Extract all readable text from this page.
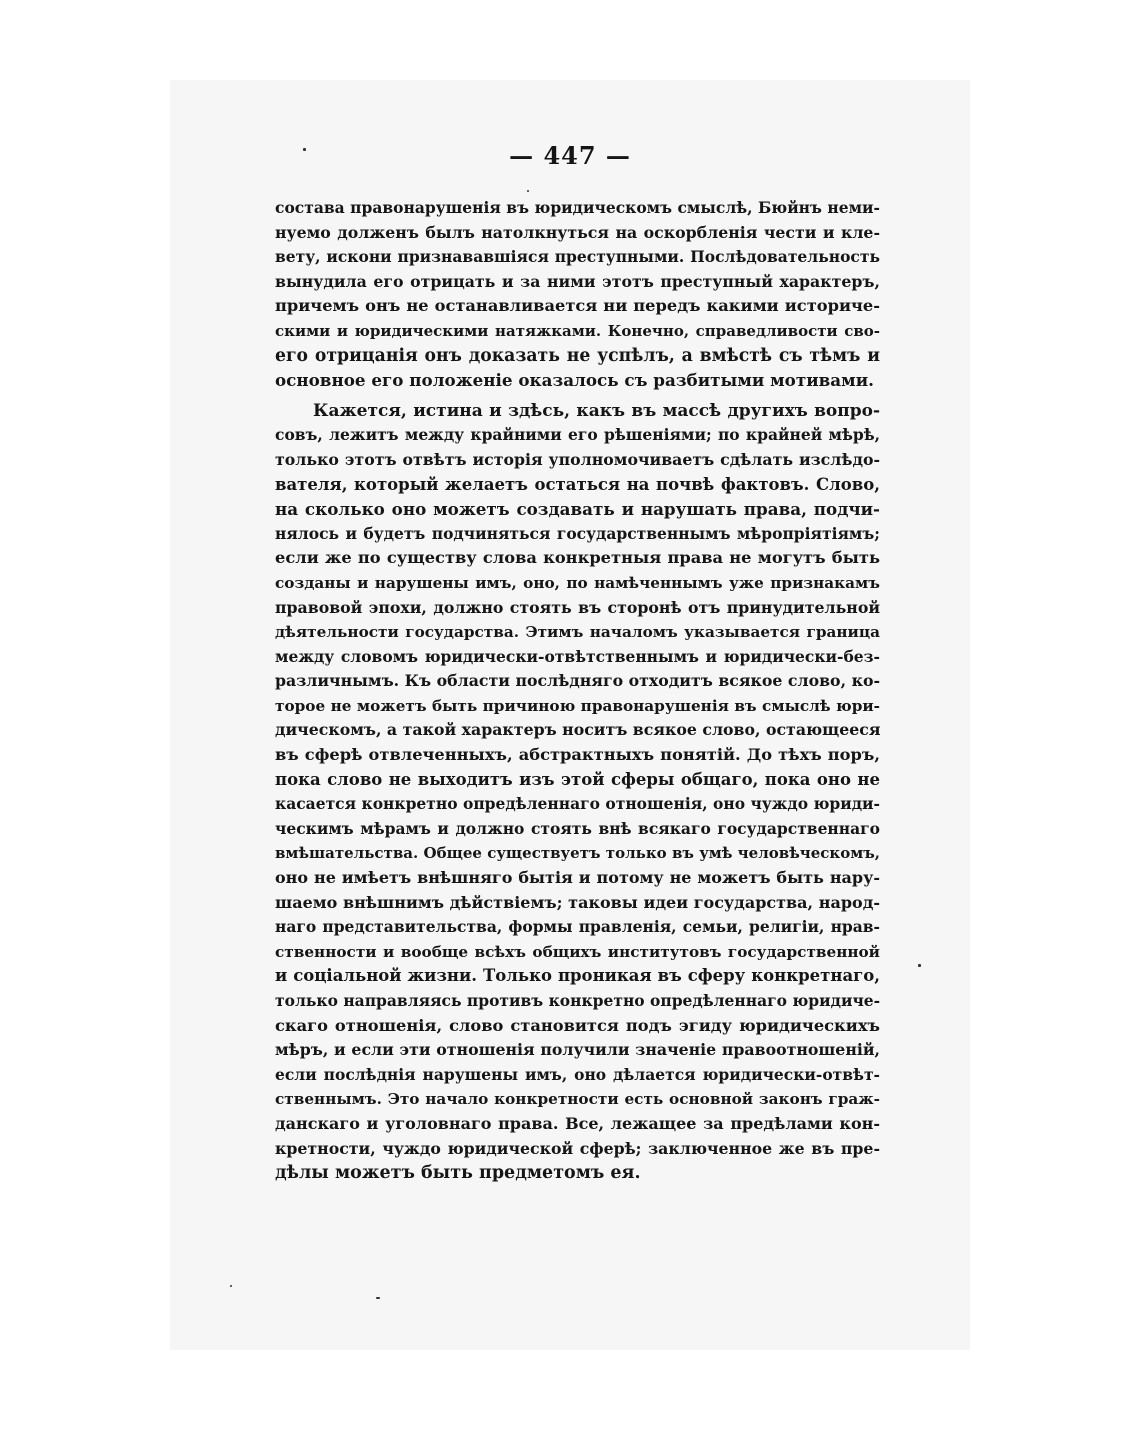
— 447 —

состава правонарушенія въ юридическомъ смыслѣ, Бюйнъ неми-
нуемо долженъ былъ натолкнуться на оскорбленія чести и кле-
вету, искони признававшіяся преступными. Послѣдовательность
вынудила его отрицать и за ними этотъ преступный характеръ,
причемъ онъ не останавливается ни передъ какими историче-
скими и юридическими натяжками. Конечно, справедливости сво-
его отрицанія онъ доказать не успѣлъ, а вмѣстѣ съ тѣмъ и
основное его положеніе оказалось съ разбитыми мотивами.
Кажется, истина и здѣсь, какъ въ массѣ другихъ вопро-
совъ, лежитъ между крайними его рѣшеніями; по крайней мѣрѣ,
только этотъ отвѣтъ исторія уполномочиваетъ сдѣлать изслѣдо-
вателя, который желаетъ остаться на почвѣ фактовъ. Слово,
на сколько оно можетъ создавать и нарушать права, подчи-
нялось и будетъ подчиняться государственнымъ мѣропріятіямъ;
если же по существу слова конкретныя права не могутъ быть
созданы и нарушены имъ, оно, по намѣченнымъ уже признакамъ
правовой эпохи, должно стоять въ сторонѣ отъ принудительной
дѣятельности государства. Этимъ началомъ указывается граница
между словомъ юридически-отвѣтственнымъ и юридически-без-
различнымъ. Къ области послѣдняго отходитъ всякое слово, ко-
торое не можетъ быть причиною правонарушенія въ смыслѣ юри-
дическомъ, а такой характеръ носитъ всякое слово, остающееся
въ сферѣ отвлеченныхъ, абстрактныхъ понятій. До тѣхъ поръ,
пока слово не выходитъ изъ этой сферы общаго, пока оно не
касается конкретно опредѣленнаго отношенія, оно чуждо юриди-
ческимъ мѣрамъ и должно стоять внѣ всякаго государственнаго
вмѣшательства. Общее существуетъ только въ умѣ человѣческомъ,
оно не имѣетъ внѣшняго бытія и потому не можетъ быть нару-
шаемо внѣшнимъ дѣйствіемъ; таковы идеи государства, народ-
наго представительства, формы правленія, семьи, религіи, нрав-
ственности и вообще всѣхъ общихъ институтовъ государственной
и соціальной жизни. Только проникая въ сферу конкретнаго,
только направляясь противъ конкретно опредѣленнаго юридиче-
скаго отношенія, слово становится подъ эгиду юридическихъ
мѣръ, и если эти отношенія получили значеніе правоотношеній,
если послѣднія нарушены имъ, оно дѣлается юридически-отвѣт-
ственнымъ. Это начало конкретности есть основной законъ граж-
данскаго и уголовнаго права. Все, лежащее за предѣлами кон-
кретности, чуждо юридической сферѣ; заключенное же въ пре-
дѣлы можетъ быть предметомъ ея.
